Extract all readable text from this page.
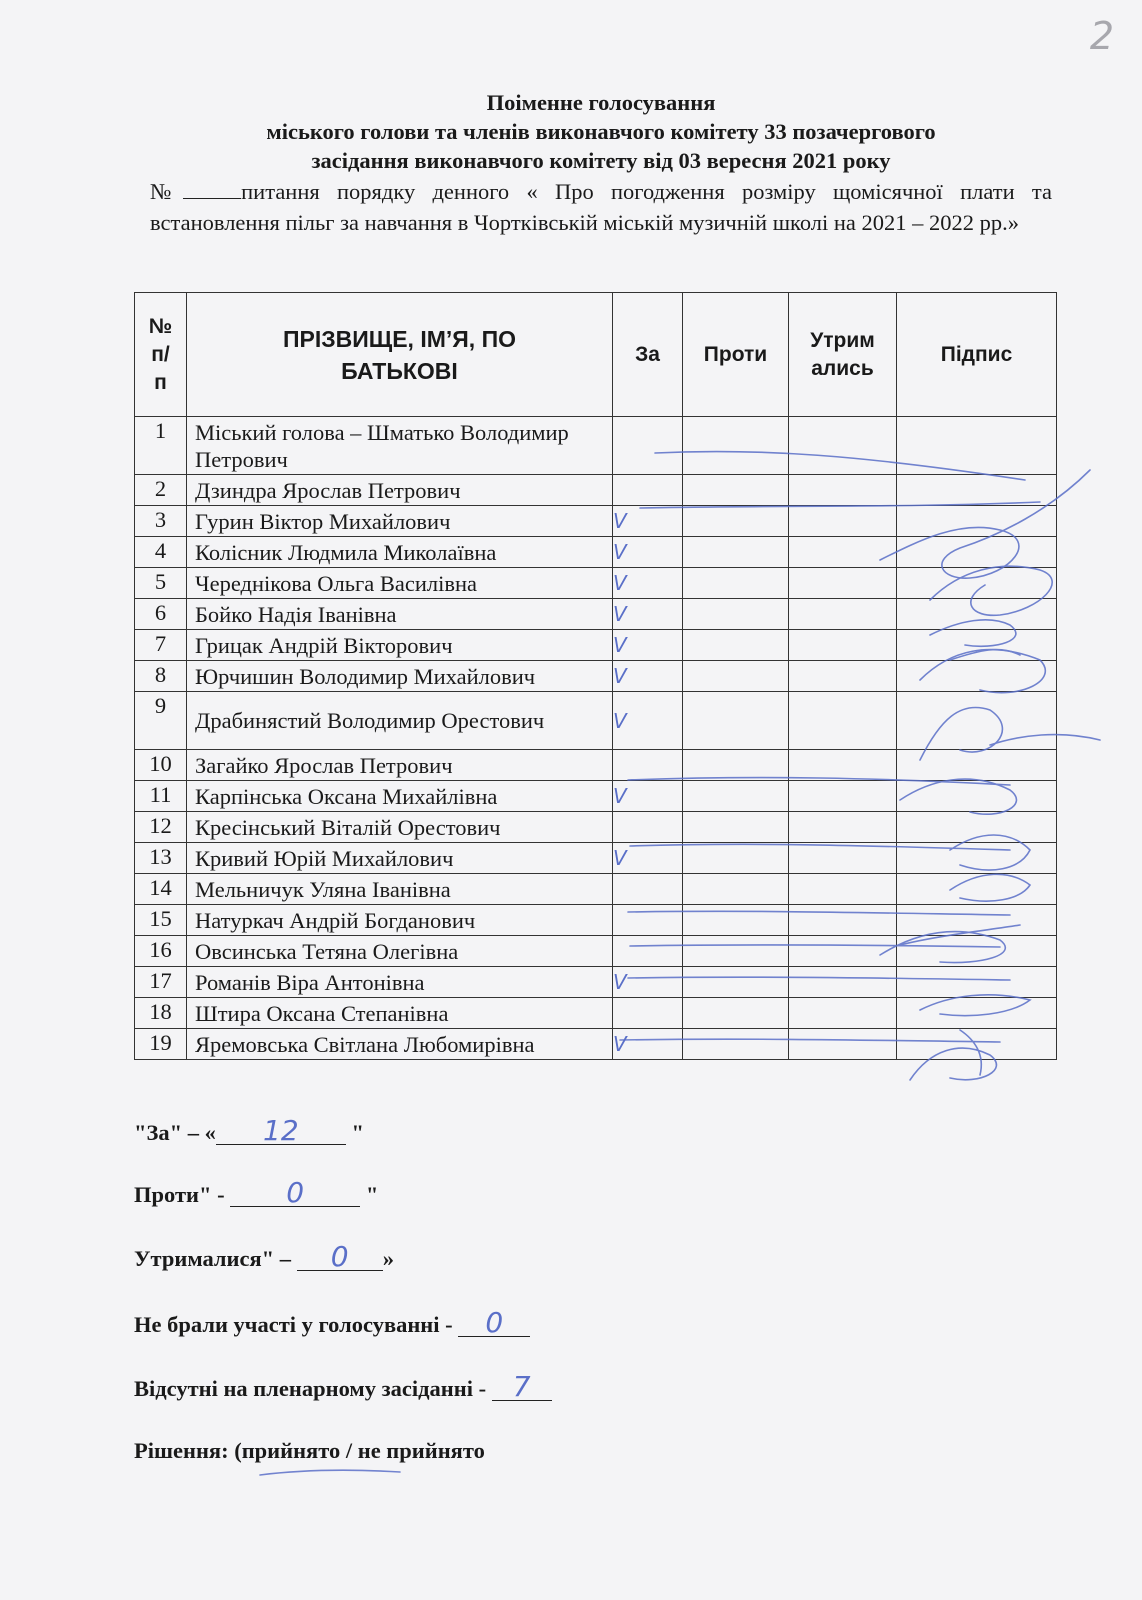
2
Поіменне голосування
міського голови та членів виконавчого комітету 33 позачергового
засідання виконавчого комітету від 03 вересня 2021 року
№	питання порядку денного « Про погодження розміру щомісячної плати та встановлення пільг за навчання в Чортківській міській музичній школі на 2021 – 2022 рр.»
№ п/п	ПРІЗВИЩЕ, ІМ’Я, ПО БАТЬКОВІ	За	Проти	Утрим ались	Підпис
1	Міський голова – Шматько Володимир Петрович				
2	Дзиндра Ярослав Петрович				
3	Гурин Віктор Михайлович	V			
4	Колісник Людмила Миколаївна	V			
5	Череднікова Ольга Василівна	V			
6	Бойко Надія Іванівна	V			
7	Грицак Андрій Вікторович	V			
8	Юрчишин Володимир Михайлович	V			
9	Драбинястий Володимир Орестович	V			
10	Загайко Ярослав Петрович				
11	Карпінська Оксана Михайлівна	V			
12	Кресінський Віталій Орестович				
13	Кривий Юрій Михайлович	V			
14	Мельничук Уляна Іванівна				
15	Натуркач Андрій Богданович				
16	Овсинська Тетяна Олегівна				
17	Романів Віра Антонівна	V			
18	Штира Оксана Степанівна				
19	Яремовська Світлана Любомирівна	V			
"За" – « 12 "
Проти" - 0 "
Утрималися" – 0 »
Не брали участі у голосуванні - 0
Відсутні на пленарному засіданні - 7
Рішення: (прийнято / не прийнято
